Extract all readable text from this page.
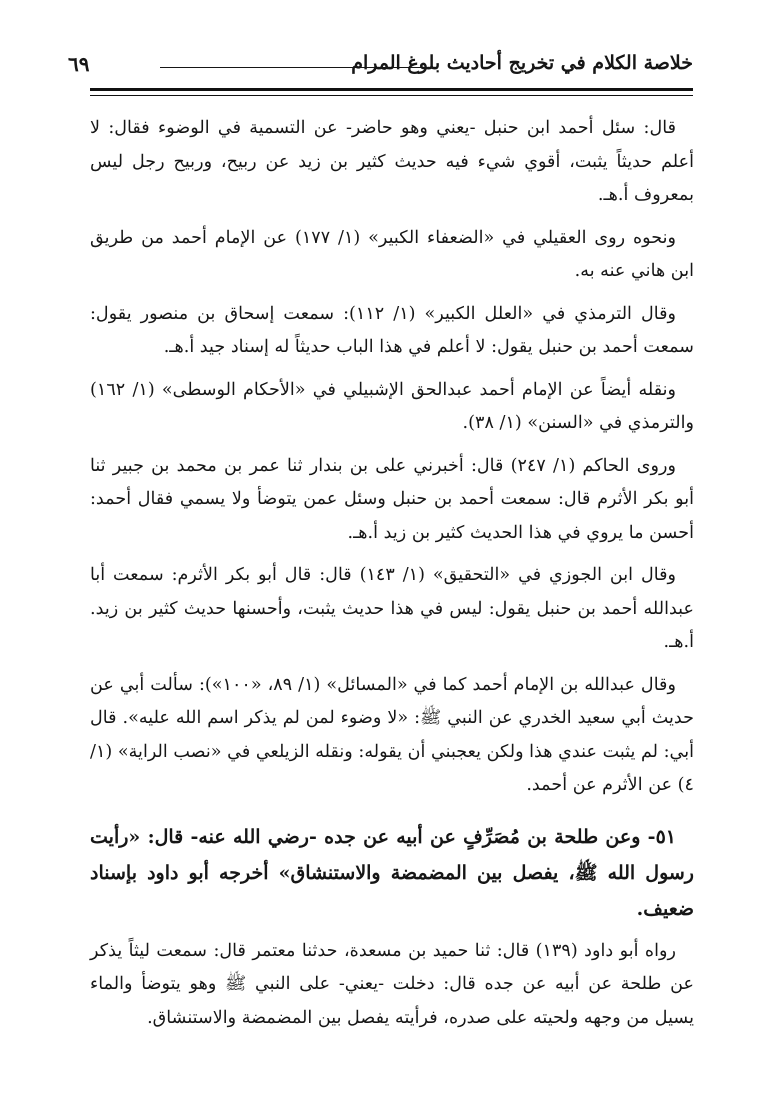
خلاصة الكلام في تخريج أحاديث بلوغ المرام
٦٩

قال: سئل أحمد ابن حنبل -يعني وهو حاضر- عن التسمية في الوضوء فقال: لا أعلم حديثاً يثبت، أقوي شيء فيه حديث كثير بن زيد عن ربيح، وربيح رجل ليس بمعروف أ.هـ.

ونحوه روى العقيلي في «الضعفاء الكبير» (١/ ١٧٧) عن الإمام أحمد من طريق ابن هاني عنه به.

وقال الترمذي في «العلل الكبير» (١/ ١١٢): سمعت إسحاق بن منصور يقول: سمعت أحمد بن حنبل يقول: لا أعلم في هذا الباب حديثاً له إسناد جيد أ.هـ.

ونقله أيضاً عن الإمام أحمد عبدالحق الإشبيلي في «الأحكام الوسطى» (١/ ١٦٢) والترمذي في «السنن» (١/ ٣٨).

وروى الحاكم (١/ ٢٤٧) قال: أخبرني على بن بندار ثنا عمر بن محمد بن جبير ثنا أبو بكر الأثرم قال: سمعت أحمد بن حنبل وسئل عمن يتوضأ ولا يسمي فقال أحمد: أحسن ما يروي في هذا الحديث كثير بن زيد أ.هـ.

وقال ابن الجوزي في «التحقيق» (١/ ١٤٣) قال: قال أبو بكر الأثرم: سمعت أبا عبدالله أحمد بن حنبل يقول: ليس في هذا حديث يثبت، وأحسنها حديث كثير بن زيد. أ.هـ.

وقال عبدالله بن الإمام أحمد كما في «المسائل» (١/ ٨٩، «١٠٠»): سألت أبي عن حديث أبي سعيد الخدري عن النبي ﷺ: «لا وضوء لمن لم يذكر اسم الله عليه». قال أبي: لم يثبت عندي هذا ولكن يعجبني أن يقوله: ونقله الزيلعي في «نصب الراية» (١/ ٤) عن الأثرم عن أحمد.

٥١- وعن طلحة بن مُصَرِّفٍ عن أبيه عن جده -رضي الله عنه- قال: «رأيت رسول الله ﷺ، يفصل بين المضمضة والاستنشاق» أخرجه أبو داود بإسناد ضعيف.

رواه أبو داود (١٣٩) قال: ثنا حميد بن مسعدة، حدثنا معتمر قال: سمعت ليثاً يذكر عن طلحة عن أبيه عن جده قال: دخلت -يعني- على النبي ﷺ وهو يتوضأ والماء يسيل من وجهه ولحيته على صدره، فرأيته يفصل بين المضمضة والاستنشاق.
